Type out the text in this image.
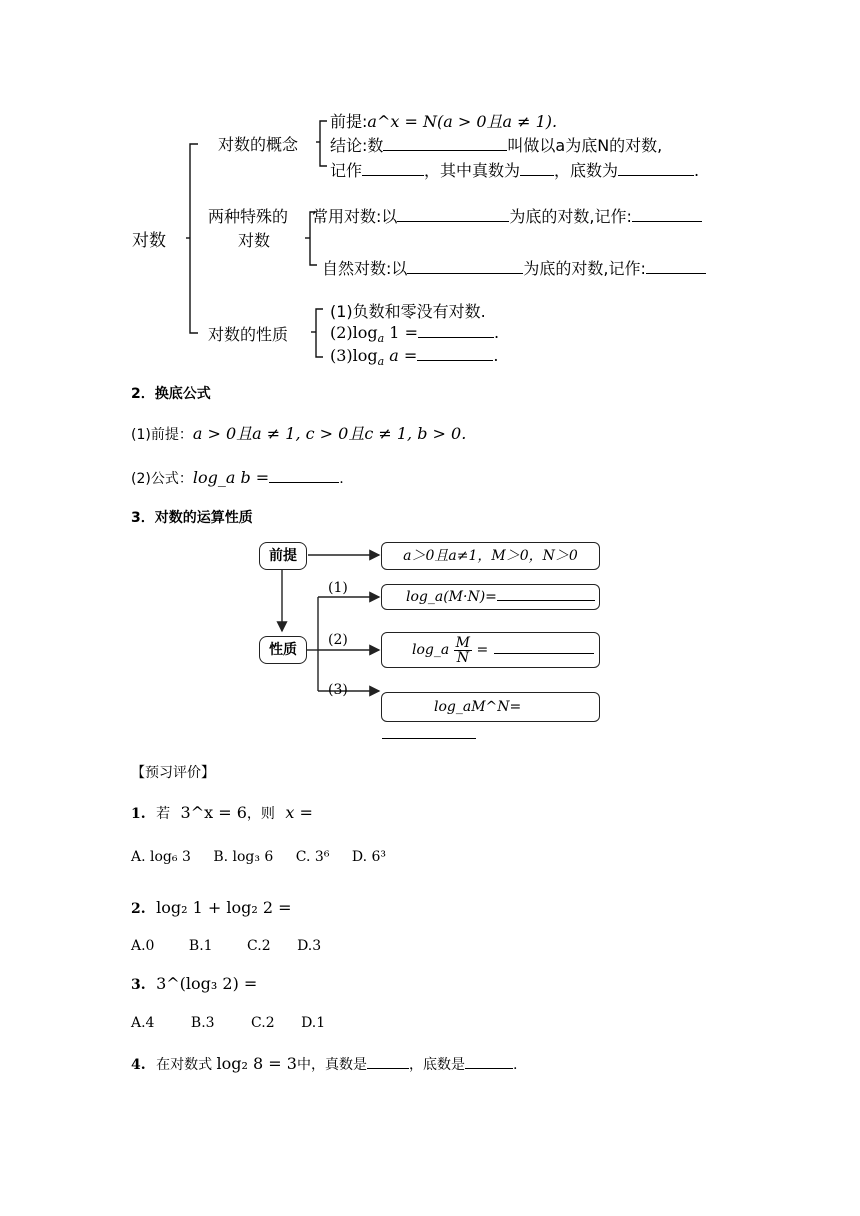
对数
对数的概念
前提:a^x = N(a > 0且a ≠ 1).
结论:数	叫做以a为底N的对数,
记作	，其中真数为 ，底数为	.
两种特殊的
对数
常用对数:以	为底的对数,记作:
自然对数:以	为底的对数,记作:
对数的性质
(1)负数和零没有对数.
$(2)\log_a$ 1 =	.
$(3)\log_a$ a =	.
2．换底公式
(1)前提：a > 0且a ≠ 1, c > 0且c ≠ 1, b > 0.
(2)公式：log_a b =	.
3．对数的运算性质
前提
性质
a＞0且a≠1，M＞0，N＞0
(1)
(2)
(3)
log_a(M·N)=
log_a $\frac{M}{N}$ =
log_aM^N=
【预习评价】
1. 若 3^x = 6，则 x =
A. log₆ 3 B. log₃ 6 C. 3⁶ D. 6³
2. log₂ 1 + log₂ 2 =
A.0 B.1 C.2 D.3
3. 3^(log₃ 2) =
A.4	B.3	C.2 D.1
4. 在对数式 log₂ 8 = 3中，真数是	，底数是	.
